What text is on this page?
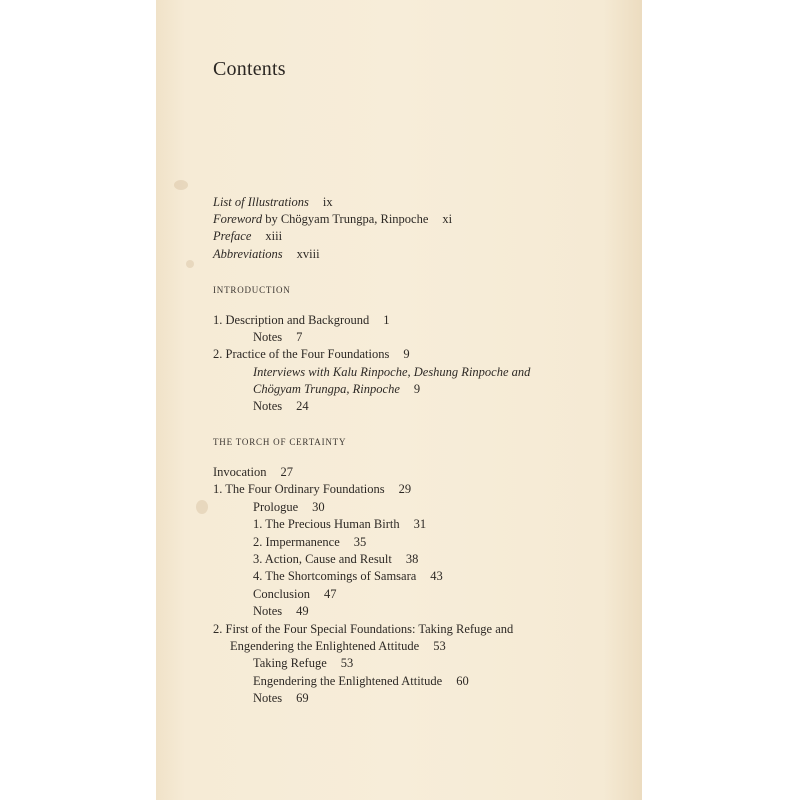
Contents
List of Illustrations ix
Foreword by Chögyam Trungpa, Rinpoche xi
Preface xiii
Abbreviations xviii
INTRODUCTION
1. Description and Background 1
Notes 7
2. Practice of the Four Foundations 9
Interviews with Kalu Rinpoche, Deshung Rinpoche and
Chögyam Trungpa, Rinpoche 9
Notes 24
THE TORCH OF CERTAINTY
Invocation 27
1. The Four Ordinary Foundations 29
Prologue 30
1. The Precious Human Birth 31
2. Impermanence 35
3. Action, Cause and Result 38
4. The Shortcomings of Samsara 43
Conclusion 47
Notes 49
2. First of the Four Special Foundations: Taking Refuge and
Engendering the Enlightened Attitude 53
Taking Refuge 53
Engendering the Enlightened Attitude 60
Notes 69
